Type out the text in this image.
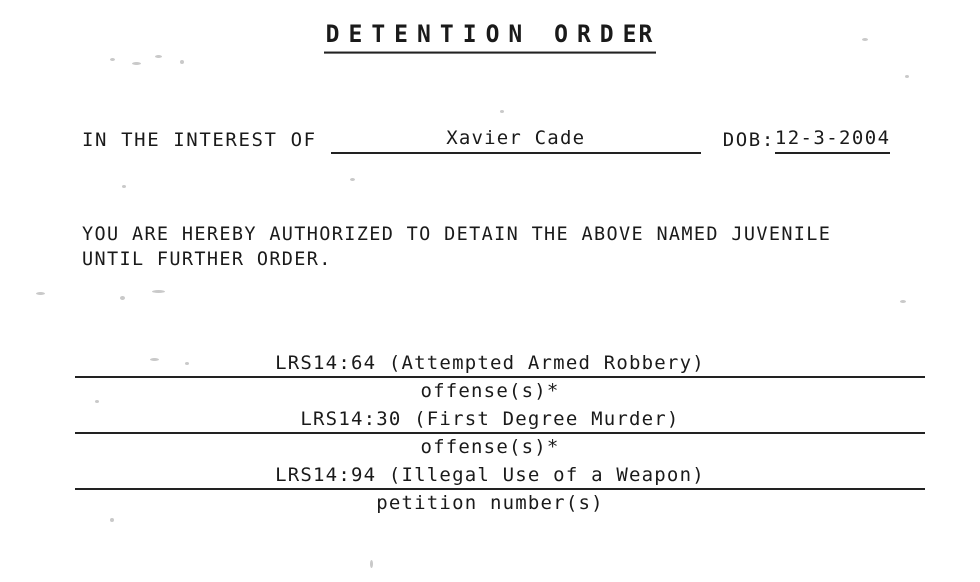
DETENTION ORDER
IN THE INTEREST OF	Xavier Cade	DOB: 12-3-2004
YOU ARE HEREBY AUTHORIZED TO DETAIN THE ABOVE NAMED JUVENILE
UNTIL FURTHER ORDER.
LRS14:64 (Attempted Armed Robbery)
offense(s)*
LRS14:30 (First Degree Murder)
offense(s)*
LRS14:94 (Illegal Use of a Weapon)
petition number(s)
